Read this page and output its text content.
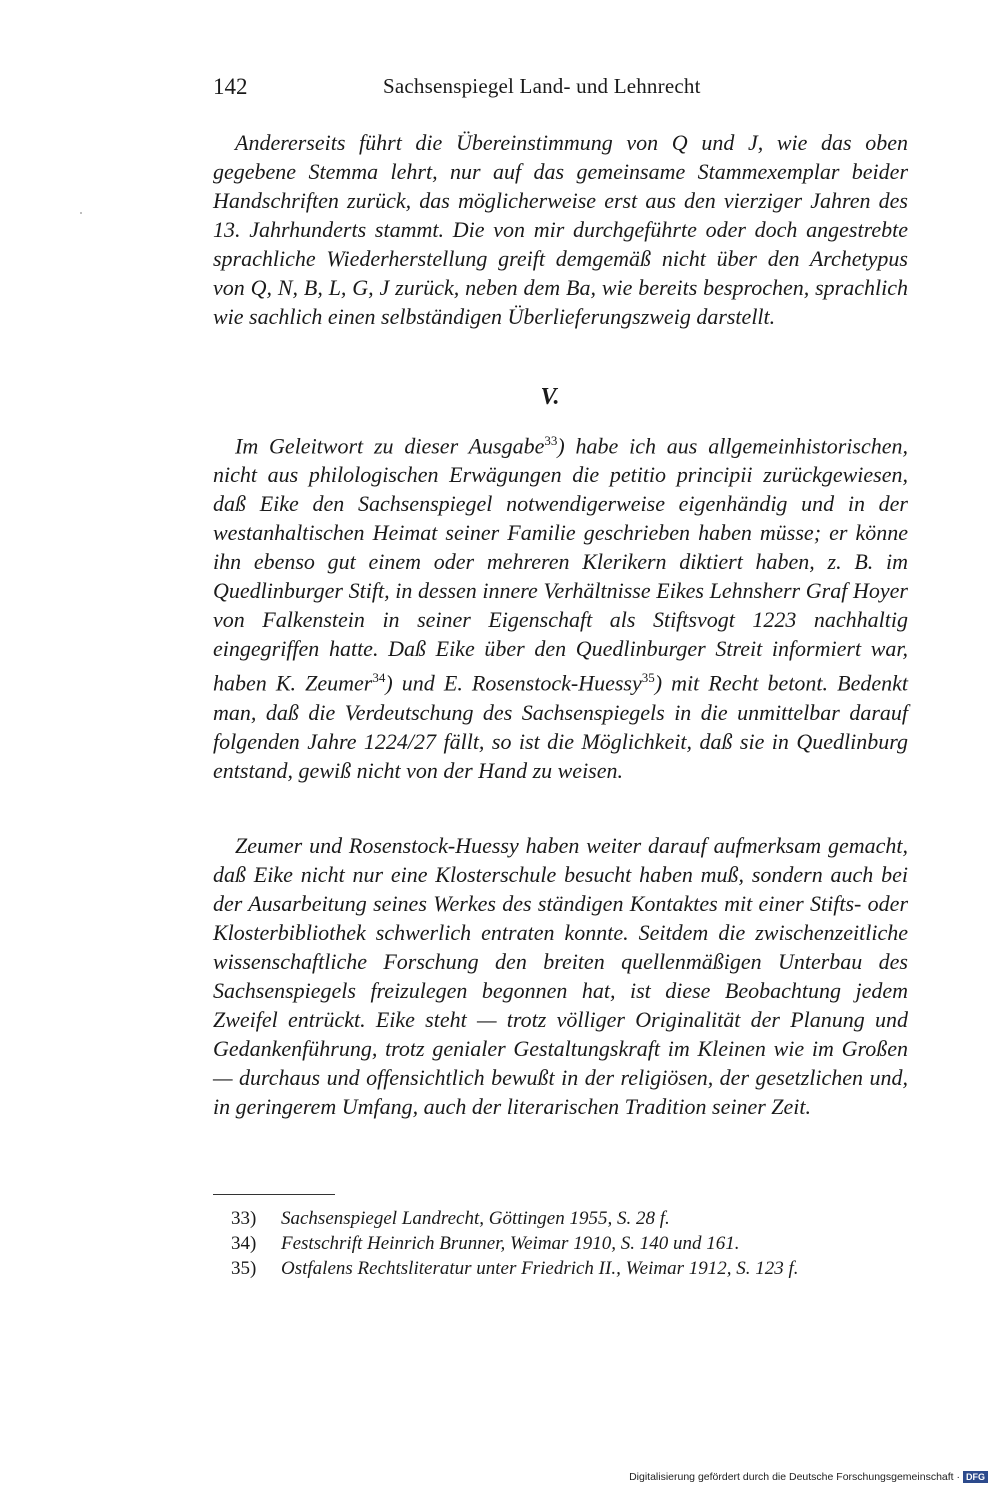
142	Sachsenspiegel Land- und Lehnrecht

Andererseits führt die Übereinstimmung von Q und J, wie das oben gegebene Stemma lehrt, nur auf das gemeinsame Stammexemplar beider Handschriften zurück, das möglicherweise erst aus den vierziger Jahren des 13. Jahrhunderts stammt. Die von mir durchgeführte oder doch angestrebte sprachliche Wiederherstellung greift demgemäß nicht über den Archetypus von Q, N, B, L, G, J zurück, neben dem Ba, wie bereits besprochen, sprachlich wie sachlich einen selbständigen Überlieferungszweig darstellt.

V.

Im Geleitwort zu dieser Ausgabe$^{33}$) habe ich aus allgemeinhistorischen, nicht aus philologischen Erwägungen die petitio principii zurückgewiesen, daß Eike den Sachsenspiegel notwendigerweise eigenhändig und in der westanhaltischen Heimat seiner Familie geschrieben haben müsse; er könne ihn ebenso gut einem oder mehreren Klerikern diktiert haben, z. B. im Quedlinburger Stift, in dessen innere Verhältnisse Eikes Lehnsherr Graf Hoyer von Falkenstein in seiner Eigenschaft als Stiftsvogt 1223 nachhaltig eingegriffen hatte. Daß Eike über den Quedlinburger Streit informiert war, haben K. Zeumer$^{34}$) und E. Rosenstock-Huessy$^{35}$) mit Recht betont. Bedenkt man, daß die Verdeutschung des Sachsenspiegels in die unmittelbar darauf folgenden Jahre 1224/27 fällt, so ist die Möglichkeit, daß sie in Quedlinburg entstand, gewiß nicht von der Hand zu weisen.

Zeumer und Rosenstock-Huessy haben weiter darauf aufmerksam gemacht, daß Eike nicht nur eine Klosterschule besucht haben muß, sondern auch bei der Ausarbeitung seines Werkes des ständigen Kontaktes mit einer Stifts- oder Klosterbibliothek schwerlich entraten konnte. Seitdem die zwischenzeitliche wissenschaftliche Forschung den breiten quellenmäßigen Unterbau des Sachsenspiegels freizulegen begonnen hat, ist diese Beobachtung jedem Zweifel entrückt. Eike steht — trotz völliger Originalität der Planung und Gedankenführung, trotz genialer Gestaltungskraft im Kleinen wie im Großen — durchaus und offensichtlich bewußt in der religiösen, der gesetzlichen und, in geringerem Umfang, auch der literarischen Tradition seiner Zeit.

33) Sachsenspiegel Landrecht, Göttingen 1955, S. 28 f.

34) Festschrift Heinrich Brunner, Weimar 1910, S. 140 und 161.

35) Ostfalens Rechtsliteratur unter Friedrich II., Weimar 1912, S. 123 f.

Digitalisierung gefördert durch die Deutsche Forschungsgemeinschaft · DFG
